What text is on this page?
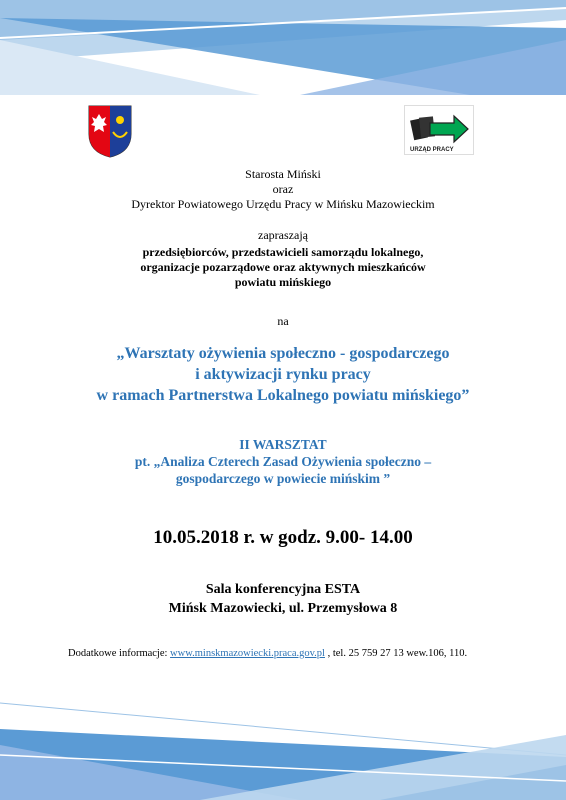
URZĄD PRACY
Starosta Miński
oraz
Dyrektor Powiatowego Urzędu Pracy w Mińsku Mazowieckim
zapraszają
przedsiębiorców, przedstawicieli samorządu lokalnego,
organizacje pozarządowe oraz aktywnych mieszkańców
powiatu mińskiego
na
„Warsztaty ożywienia społeczno - gospodarczego
i aktywizacji rynku pracy
w ramach Partnerstwa Lokalnego powiatu mińskiego”
II WARSZTAT
pt. „Analiza Czterech Zasad Ożywienia społeczno –
gospodarczego w powiecie mińskim ”
10.05.2018 r. w godz. 9.00- 14.00
Sala konferencyjna ESTA
Mińsk Mazowiecki, ul. Przemysłowa 8
Dodatkowe informacje: www.minskmazowiecki.praca.gov.pl , tel. 25 759 27 13 wew.106, 110.
